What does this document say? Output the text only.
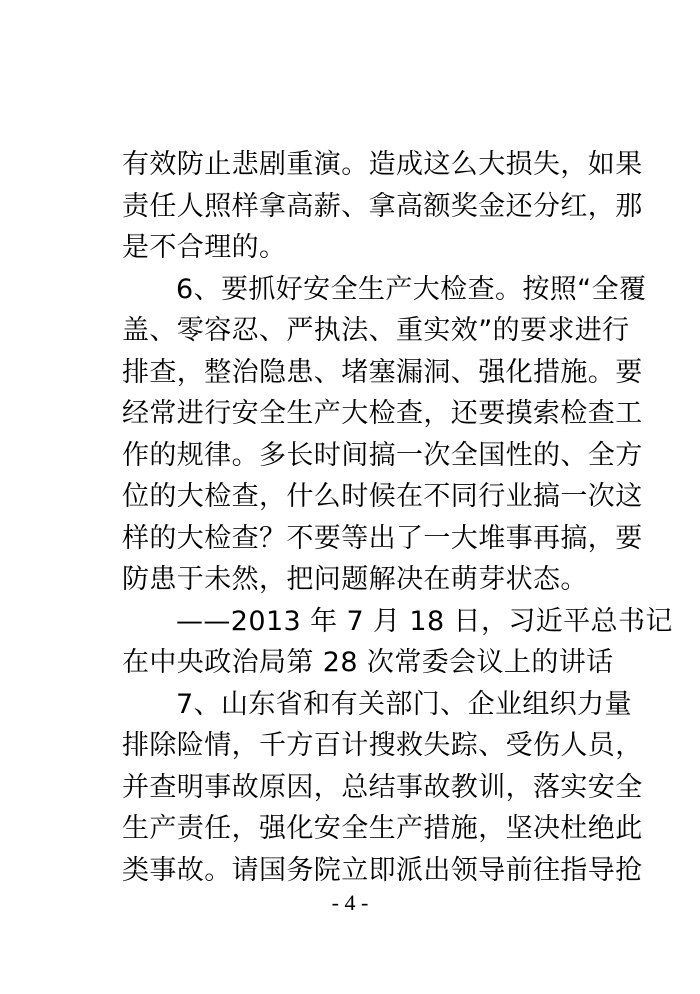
有效防止悲剧重演。造成这么大损失，如果
责任人照样拿高薪、拿高额奖金还分红，那
是不合理的。
6、要抓好安全生产大检查。按照“全覆
盖、零容忍、严执法、重实效”的要求进行
排查，整治隐患、堵塞漏洞、强化措施。要
经常进行安全生产大检查，还要摸索检查工
作的规律。多长时间搞一次全国性的、全方
位的大检查，什么时候在不同行业搞一次这
样的大检查？不要等出了一大堆事再搞，要
防患于未然，把问题解决在萌芽状态。
——2013 年 7 月 18 日，习近平总书记
在中央政治局第 28 次常委会议上的讲话
7、山东省和有关部门、企业组织力量
排除险情，千方百计搜救失踪、受伤人员，
并查明事故原因，总结事故教训，落实安全
生产责任，强化安全生产措施，坚决杜绝此
类事故。请国务院立即派出领导前往指导抢
- 4 -
